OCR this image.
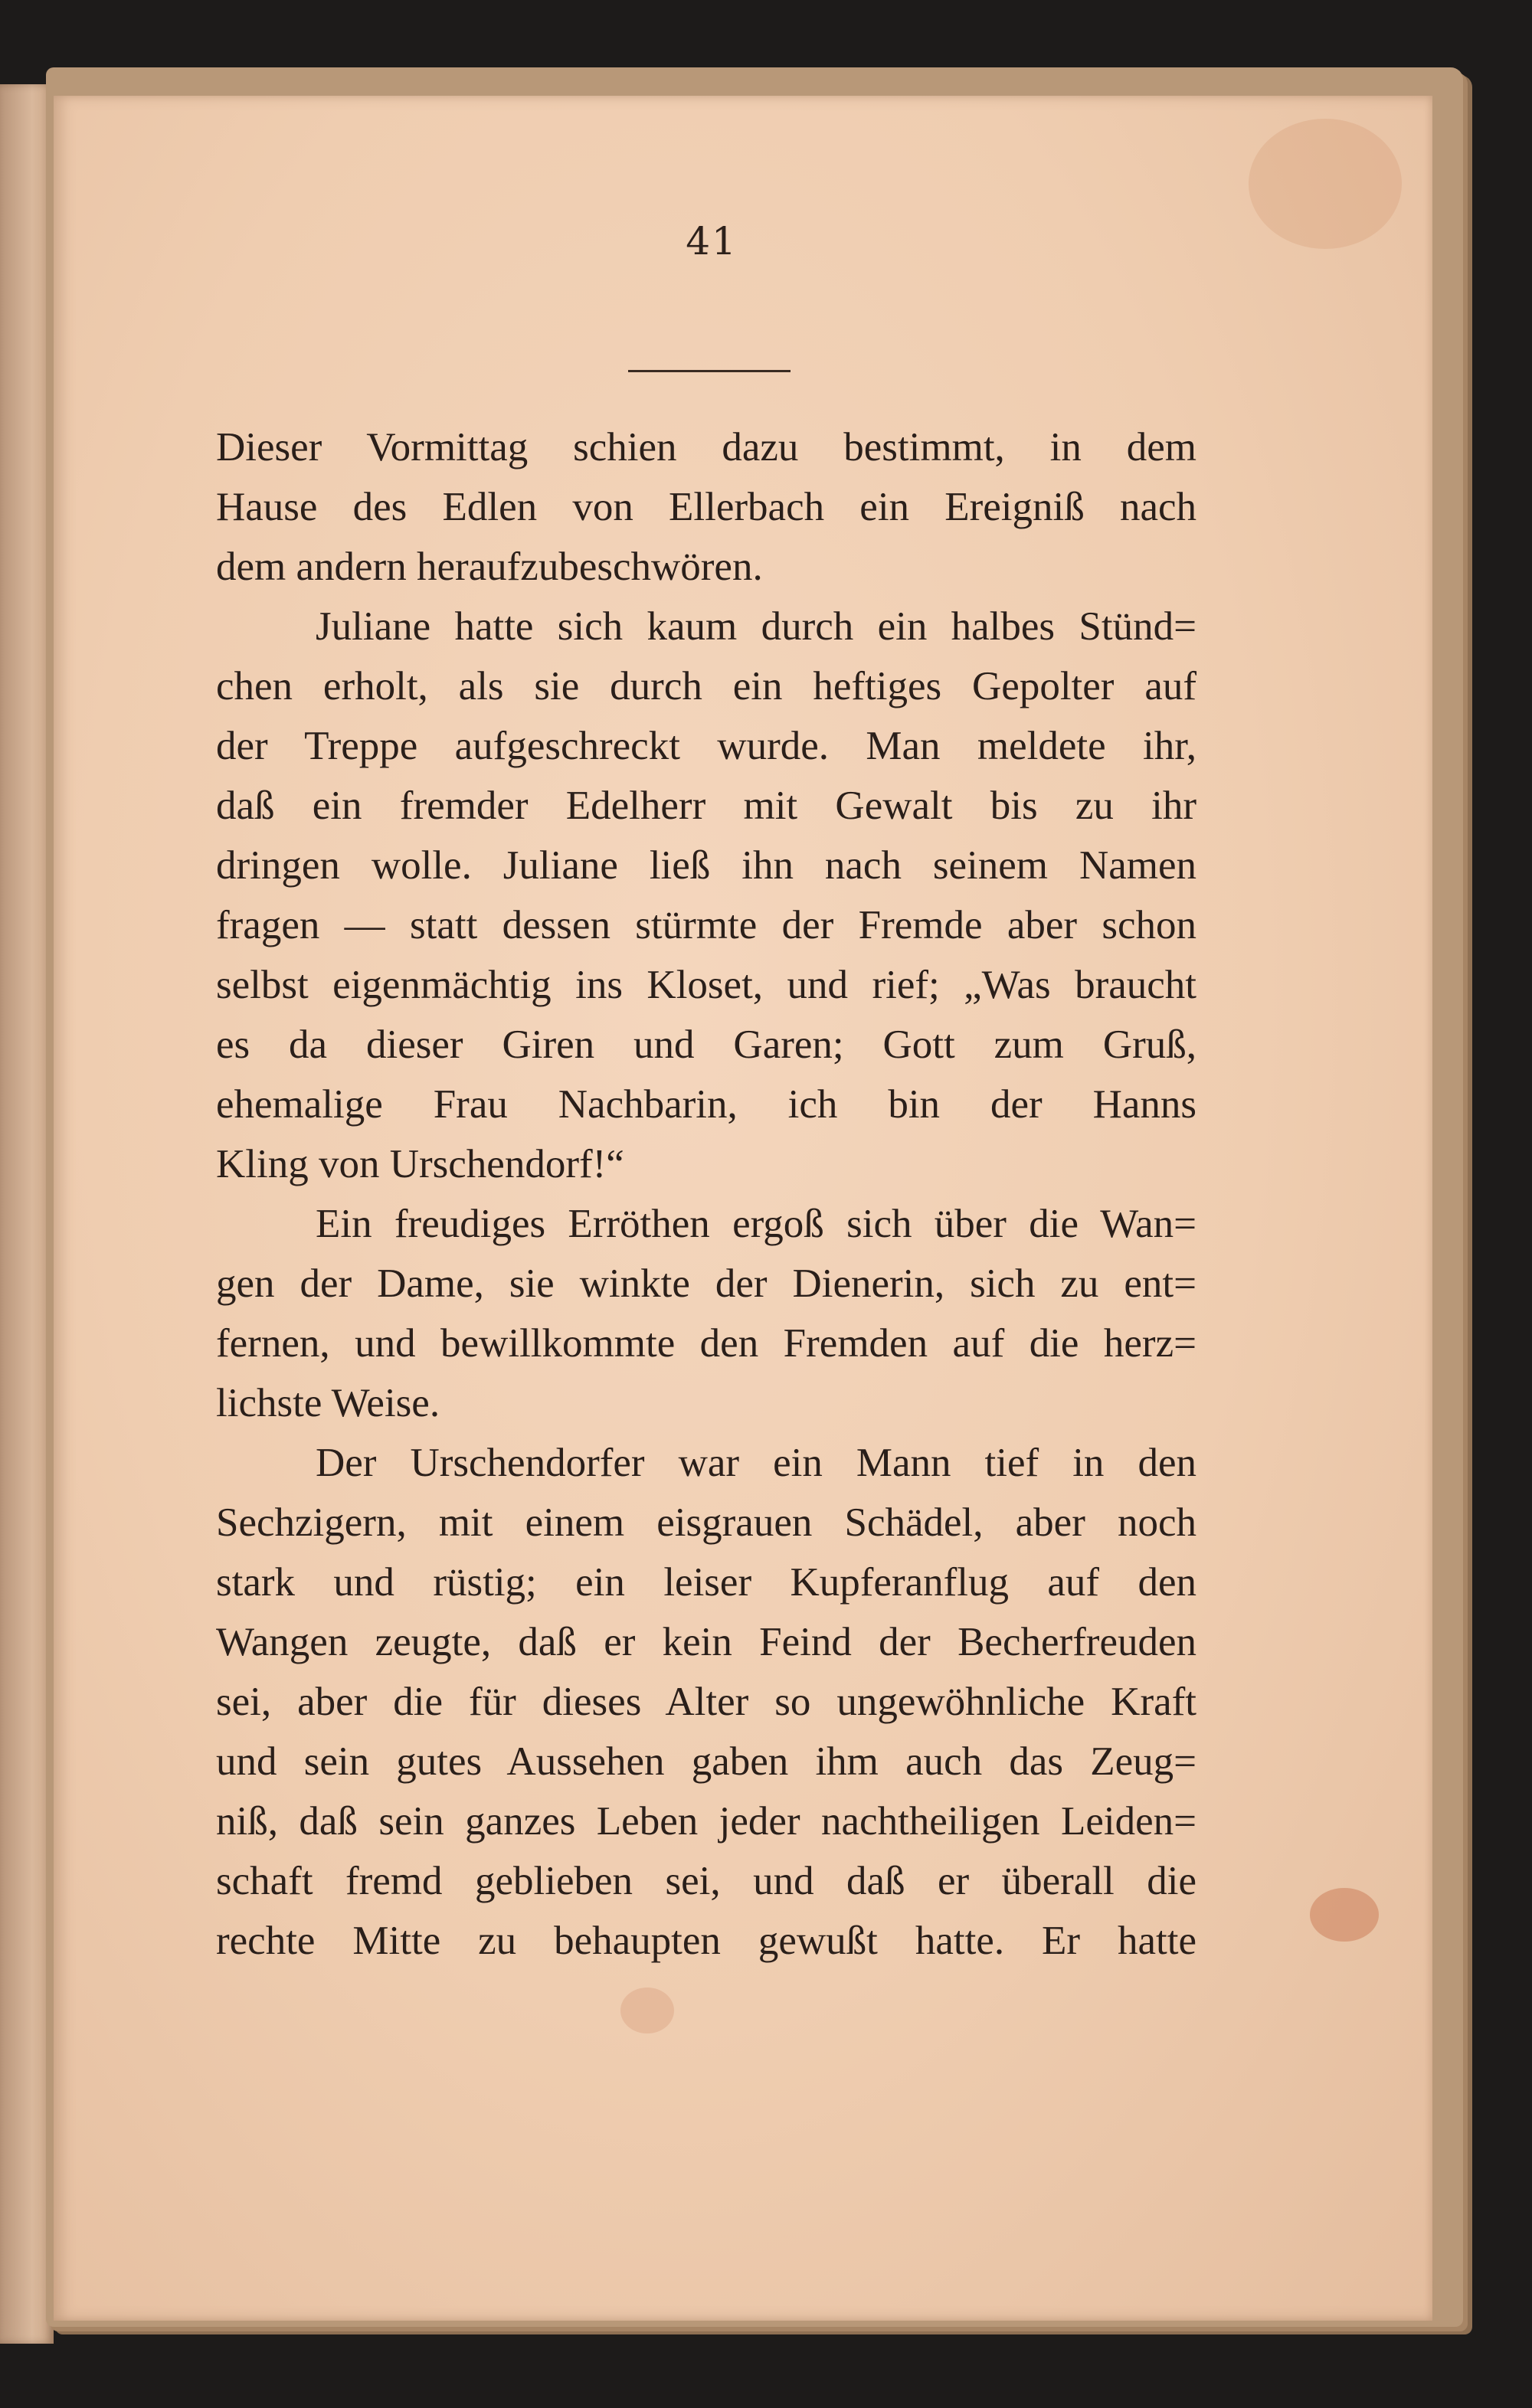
41
Dieser Vormittag schien dazu bestimmt, in dem
Hause des Edlen von Ellerbach ein Ereigniß nach
dem andern heraufzubeschwören.
Juliane hatte sich kaum durch ein halbes Stünd=
chen erholt, als sie durch ein heftiges Gepolter auf
der Treppe aufgeschreckt wurde. Man meldete ihr,
daß ein fremder Edelherr mit Gewalt bis zu ihr
dringen wolle. Juliane ließ ihn nach seinem Namen
fragen — statt dessen stürmte der Fremde aber schon
selbst eigenmächtig ins Kloset, und rief; „Was braucht
es da dieser Giren und Garen; Gott zum Gruß,
ehemalige Frau Nachbarin, ich bin der Hanns
Kling von Urschendorf!“
Ein freudiges Erröthen ergoß sich über die Wan=
gen der Dame, sie winkte der Dienerin, sich zu ent=
fernen, und bewillkommte den Fremden auf die herz=
lichste Weise.
Der Urschendorfer war ein Mann tief in den
Sechzigern, mit einem eisgrauen Schädel, aber noch
stark und rüstig; ein leiser Kupferanflug auf den
Wangen zeugte, daß er kein Feind der Becherfreuden
sei, aber die für dieses Alter so ungewöhnliche Kraft
und sein gutes Aussehen gaben ihm auch das Zeug=
niß, daß sein ganzes Leben jeder nachtheiligen Leiden=
schaft fremd geblieben sei, und daß er überall die
rechte Mitte zu behaupten gewußt hatte. Er hatte
